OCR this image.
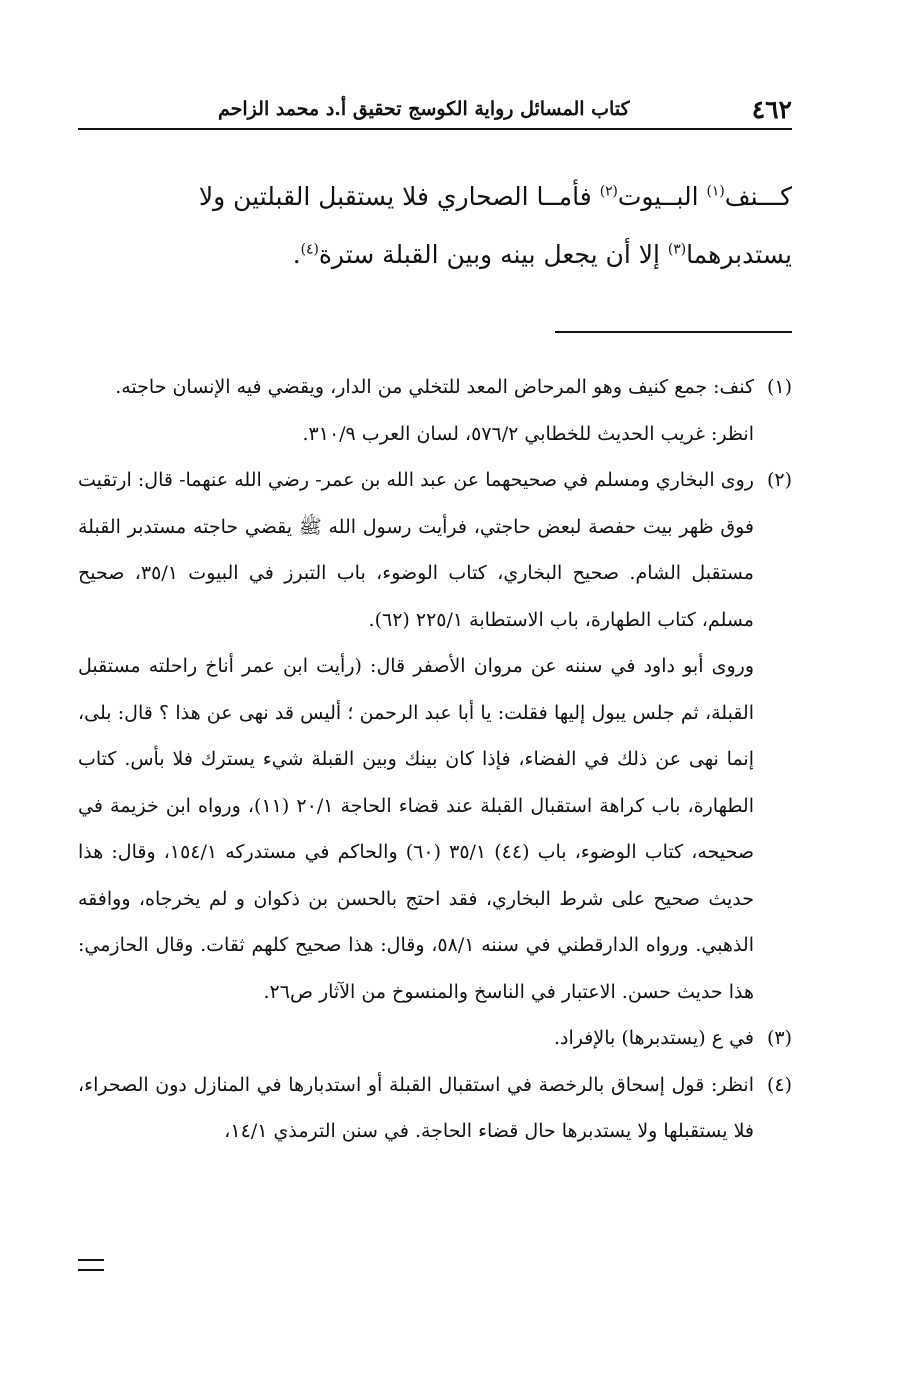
٤٦٢
كتاب المسائل رواية الكوسج تحقيق أ.د محمد الزاحم

كـــنف$^{(١)}$ البــيوت$^{(٢)}$ فأمــا الصحاري فلا يستقبل القبلتين ولا

يستدبرهما$^{(٣)}$ إلا أن يجعل بينه وبين القبلة سترة$^{(٤)}$.

(١)

كنف: جمع كنيف وهو المرحاض المعد للتخلي من الدار، ويقضي فيه الإنسان حاجته.

انظر: غريب الحديث للخطابي ٥٧٦/٢، لسان العرب ٣١٠/٩.

(٢)

روى البخاري ومسلم في صحيحهما عن عبد الله بن عمر- رضي الله عنهما- قال: ارتقيت فوق ظهر بيت حفصة لبعض حاجتي، فرأيت رسول الله ﷺ يقضي حاجته مستدبر القبلة مستقبل الشام. صحيح البخاري، كتاب الوضوء، باب التبرز في البيوت ٣٥/١، صحيح مسلم، كتاب الطهارة، باب الاستطابة ٢٢٥/١ (٦٢).

وروى أبو داود في سننه عن مروان الأصفر قال: (رأيت ابن عمر أناخ راحلته مستقبل القبلة، ثم جلس يبول إليها فقلت: يا أبا عبد الرحمن ؛ أليس قد نهى عن هذا ؟ قال: بلى، إنما نهى عن ذلك في الفضاء، فإذا كان بينك وبين القبلة شيء يسترك فلا بأس. كتاب الطهارة، باب كراهة استقبال القبلة عند قضاء الحاجة ٢٠/١ (١١)، ورواه ابن خزيمة في صحيحه، كتاب الوضوء، باب (٤٤) ٣٥/١ (٦٠) والحاكم في مستدركه ١٥٤/١، وقال: هذا حديث صحيح على شرط البخاري، فقد احتج بالحسن بن ذكوان و لم يخرجاه، ووافقه الذهبي. ورواه الدارقطني في سننه ٥٨/١، وقال: هذا صحيح كلهم ثقات. وقال الحازمي: هذا حديث حسن. الاعتبار في الناسخ والمنسوخ من الآثار ص٢٦.

(٣)

في ع (يستدبرها) بالإفراد.

(٤)

انظر: قول إسحاق بالرخصة في استقبال القبلة أو استدبارها في المنازل دون الصحراء، فلا يستقبلها ولا يستدبرها حال قضاء الحاجة. في سنن الترمذي ١٤/١،
